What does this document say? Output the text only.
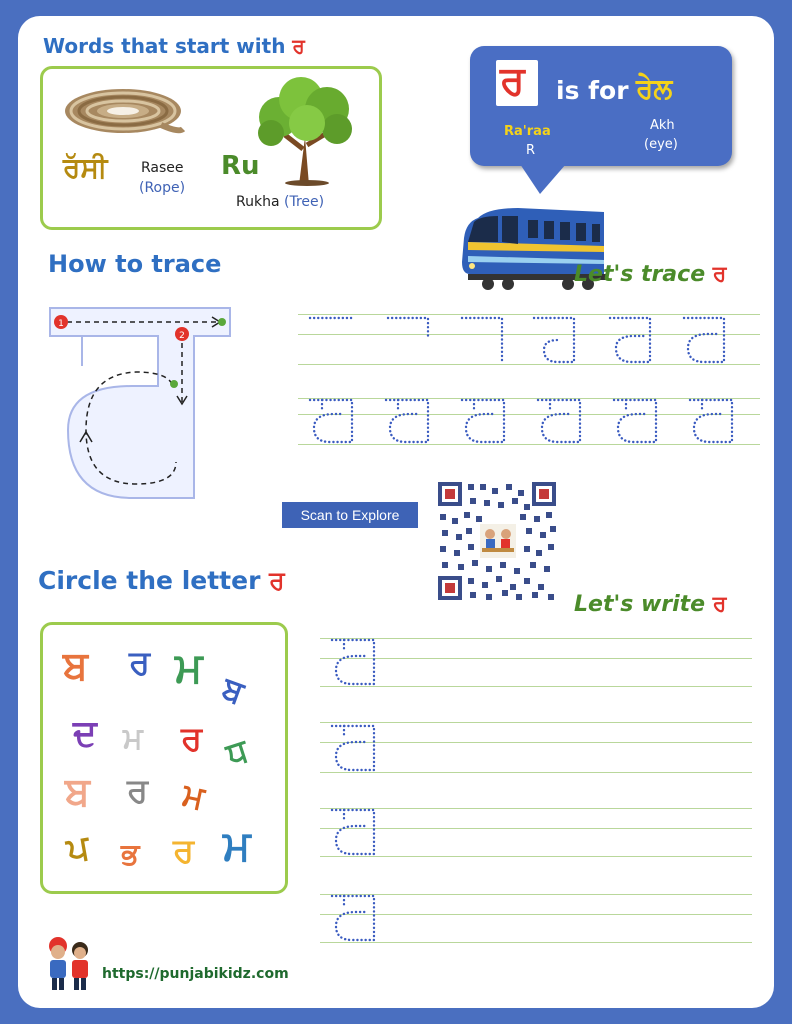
Words that start with ਰ
ਰੱਸੀ Rasee
(Rope)
Ru
Rukha (Tree)
ਰ is for ਰੇਲ
Ra'raa
R
Akh
(eye)
How to trace
1
2
Let's trace ਰ
Scan to Explore
Circle the letter ਰ
ਬ ਰ ਮ ਬ
ਦ ਮ ਰ ਧ
ਬ ਰ ਮ
ਪ ਭ ਰ ਮ
Let's write ਰ
https://punjabikidz.com
